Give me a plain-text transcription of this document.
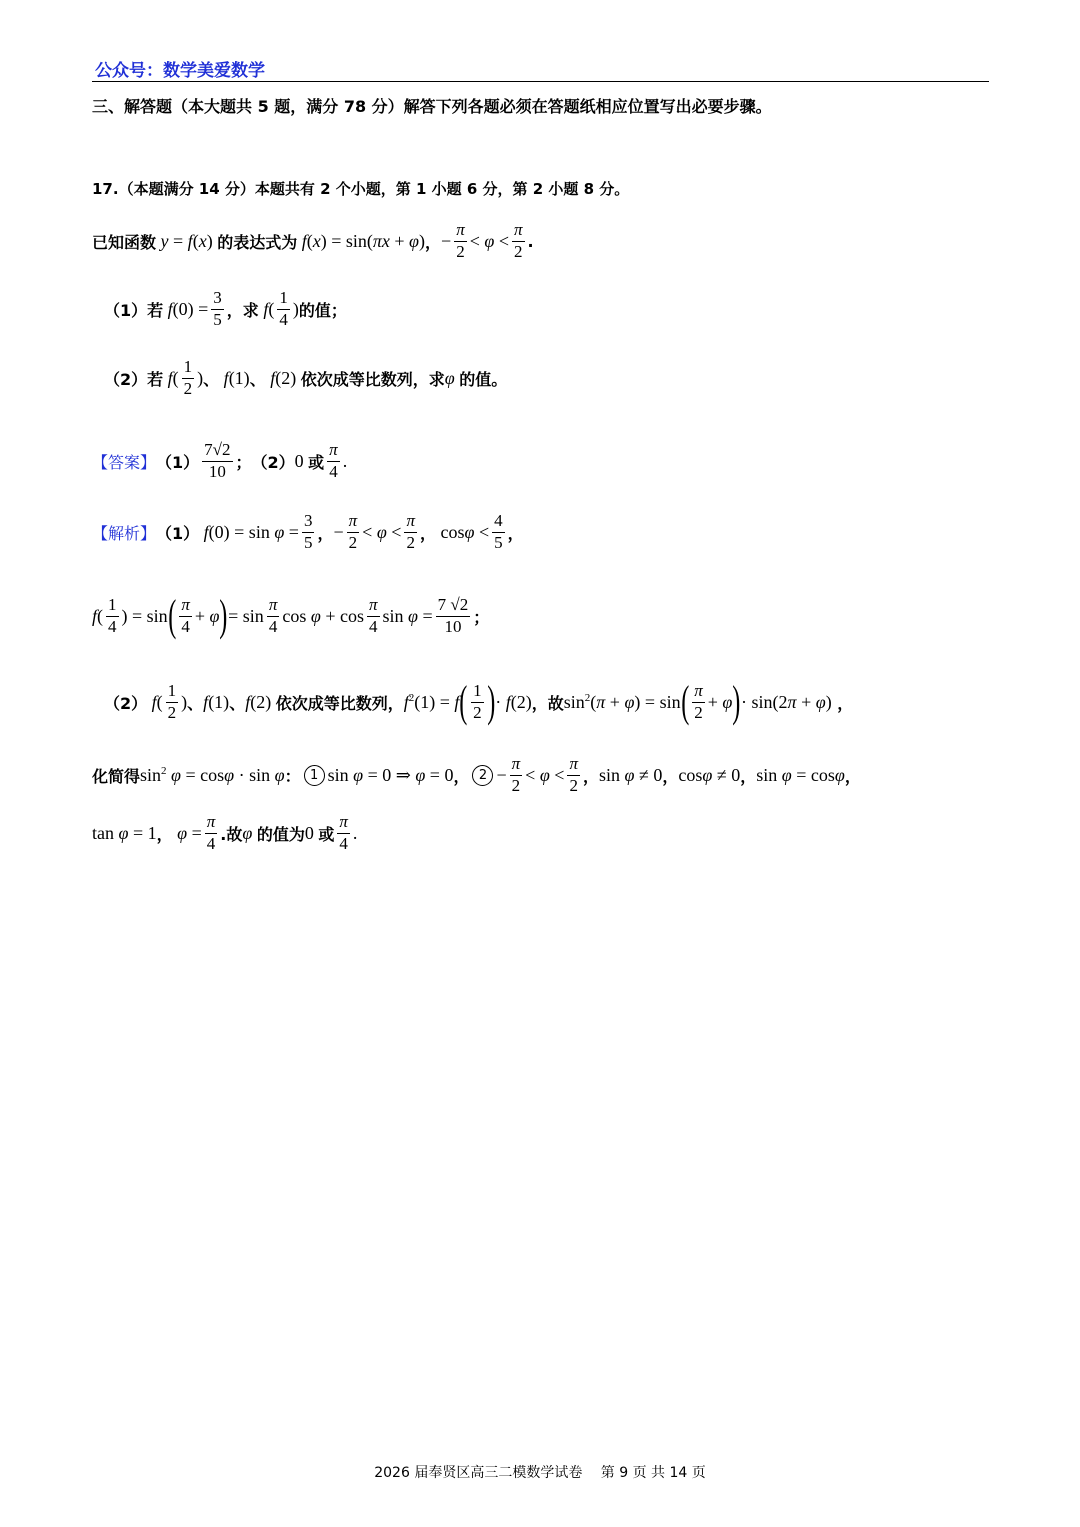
公众号：数学美爱数学
三、解答题（本大题共 5 题，满分 78 分）解答下列各题必须在答题纸相应位置写出必要步骤。
17.（本题满分 14 分）本题共有 2 个小题，第 1 小题 6 分，第 2 小题 8 分。
已知函数 y = f(x) 的表达式为 f(x) = sin(πx + φ) ， − $\frac{\pi}{2} < \varphi < \frac{\pi}{2}$ .
（1）若 $f(0) = \frac{3}{5}$ ，求 $f( \frac{1}{4}$ ) 的值；
（2）若 $f( \frac{1}{2}$ ) 、 f(1) 、 f(2) 依次成等比数列，求 φ 的值。
【答案】 $(1) \frac{7√2}{10}$ ； （2） 0 或 $\frac{\pi}{4}$ .
【解析】 （1） $f(0) = \sin \varphi = \frac{3}{5}$ ， − $\frac{\pi}{2} < \varphi < \frac{\pi}{2}$ ， $\cos\varphi < \frac{4}{5}$ ，
$f( \frac{1}{4}$ ) = sin ( $\frac{\pi}{4} + \varphi$ ) = $\sin \frac{\pi}{4}$ $\cos \varphi + \cos \frac{\pi}{4}$ $\sin \varphi = \frac{7 √2}{10}$ ；
（2） $f( \frac{1}{2}$ ) 、 f(1) 、 f(2) 依次成等比数列， $f^2(1) = f$ ( $\frac{1}{2}$ ) · f(2) ，故 $\sin^2(\pi + \varphi) = \sin$ ( $\frac{\pi}{2} + \varphi$ ) · sin(2π + φ) ，
化简得 $\sin^2 \varphi = \cos\varphi \cdot \sin \varphi$ ： 1 sin φ = 0 ⇒ φ = 0 ， $2 - \frac{\pi}{2} < \varphi < \frac{\pi}{2}$ ， sin φ ≠ 0 ， cosφ ≠ 0 ， sin φ = cosφ ，
tan φ = 1 ， $\varphi = \frac{\pi}{4}$ .故 φ 的值为 0 或 $\frac{\pi}{4}$ .
2026 届奉贤区高三二模数学试卷　 第 9 页 共 14 页
